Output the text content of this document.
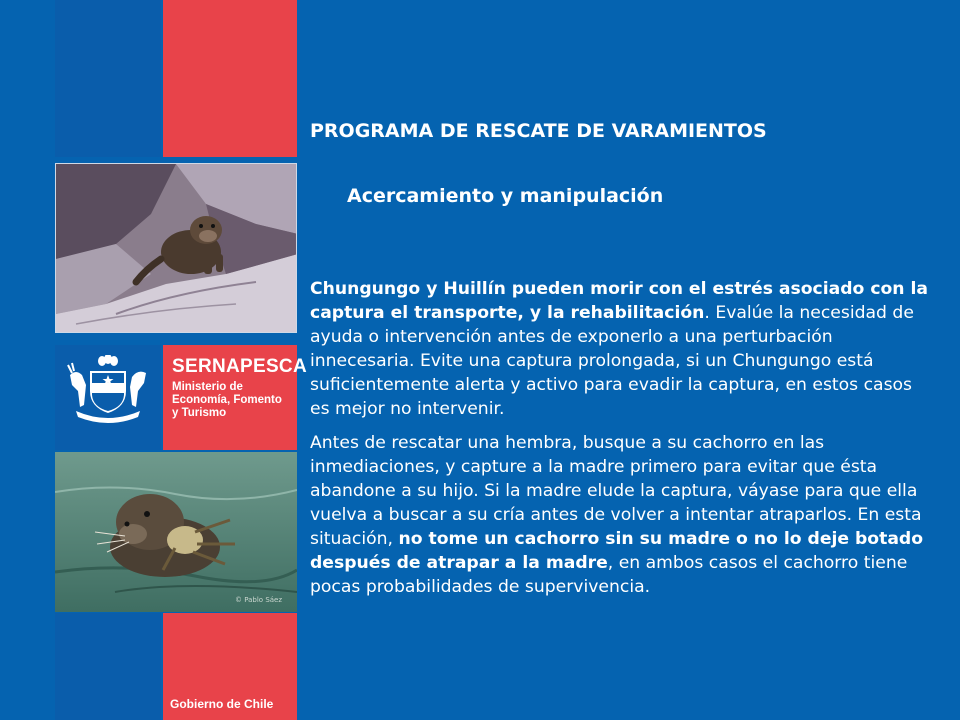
SERNAPESCA
Ministerio de
Economía, Fomento
y Turismo
© Pablo Sáez
Gobierno de Chile
PROGRAMA DE RESCATE DE VARAMIENTOS
Acercamiento y manipulación

Chungungo y Huillín pueden morir con el estrés asociado con la captura el transporte, y la rehabilitación. Evalúe la necesidad de ayuda o intervención antes de exponerlo a una perturbación innecesaria. Evite una captura prolongada, si un Chungungo está suficientemente alerta y activo para evadir la captura, en estos casos es mejor no intervenir.

Antes de rescatar una hembra, busque a su cachorro en las inmediaciones, y capture a la madre primero para evitar que ésta abandone a su hijo. Si la madre elude la captura, váyase para que ella vuelva a buscar a su cría antes de volver a intentar atraparlos. En esta situación, no tome un cachorro sin su madre o no lo deje botado después de atrapar a la madre, en ambos casos el cachorro tiene pocas probabilidades de supervivencia.
